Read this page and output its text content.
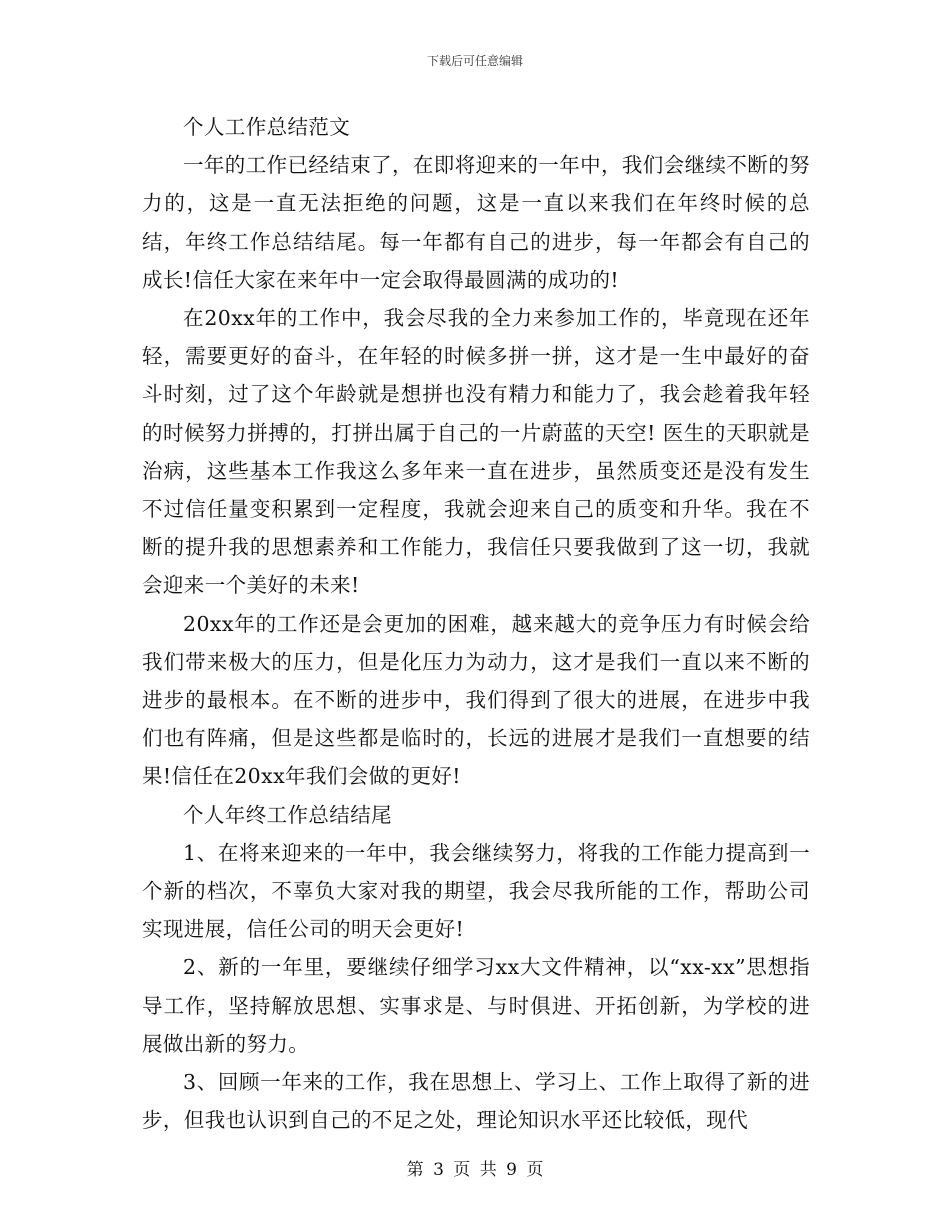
下载后可任意编辑

个人工作总结范文

一年的工作已经结束了，在即将迎来的一年中，我们会继续不断的努力的，这是一直无法拒绝的问题，这是一直以来我们在年终时候的总结，年终工作总结结尾。每一年都有自己的进步，每一年都会有自己的成长!信任大家在来年中一定会取得最圆满的成功的!

在20xx年的工作中，我会尽我的全力来参加工作的，毕竟现在还年轻，需要更好的奋斗，在年轻的时候多拼一拼，这才是一生中最好的奋斗时刻，过了这个年龄就是想拼也没有精力和能力了，我会趁着我年轻的时候努力拼搏的，打拼出属于自己的一片蔚蓝的天空! 医生的天职就是治病，这些基本工作我这么多年来一直在进步，虽然质变还是没有发生不过信任量变积累到一定程度，我就会迎来自己的质变和升华。我在不断的提升我的思想素养和工作能力，我信任只要我做到了这一切，我就会迎来一个美好的未来!

20xx年的工作还是会更加的困难，越来越大的竞争压力有时候会给我们带来极大的压力，但是化压力为动力，这才是我们一直以来不断的进步的最根本。在不断的进步中，我们得到了很大的进展，在进步中我们也有阵痛，但是这些都是临时的，长远的进展才是我们一直想要的结果!信任在20xx年我们会做的更好!

个人年终工作总结结尾

1、在将来迎来的一年中，我会继续努力，将我的工作能力提高到一个新的档次，不辜负大家对我的期望，我会尽我所能的工作，帮助公司实现进展，信任公司的明天会更好!

2、新的一年里，要继续仔细学习xx大文件精神，以“xx-xx”思想指导工作，坚持解放思想、实事求是、与时俱进、开拓创新，为学校的进展做出新的努力。

3、回顾一年来的工作，我在思想上、学习上、工作上取得了新的进步，但我也认识到自己的不足之处，理论知识水平还比较低，现代

第 3 页 共 9 页
